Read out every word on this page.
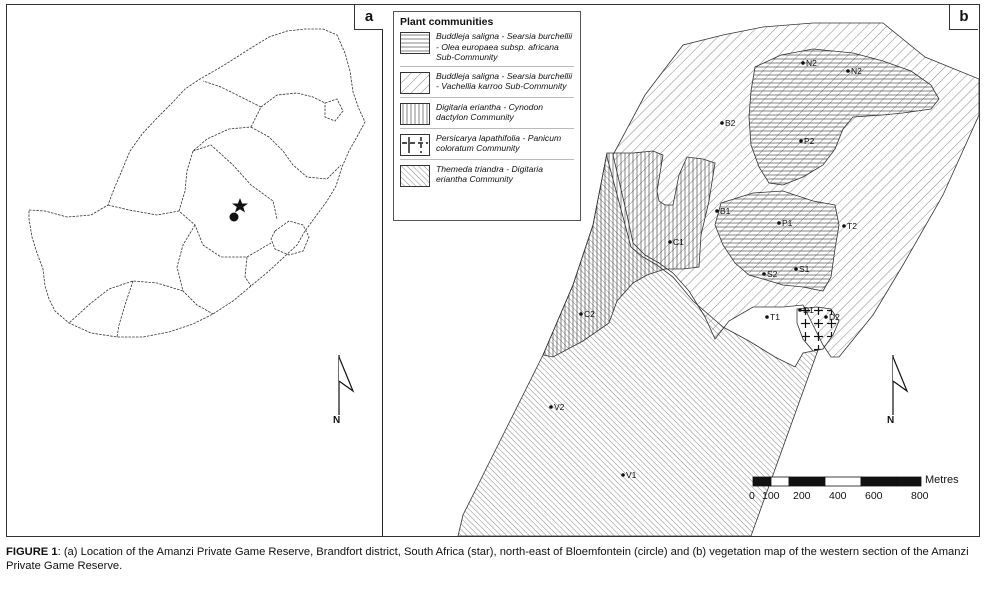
a
N
b
N2
N2
B2
P2
B1
P1	T2
C1
S1
S2
D1
D2
T1
C2
V2
V1
N
Metres
0 100 200 400 600	800
Plant communities
Buddleja saligna - Searsia burchellii - Olea europaea subsp. africana Sub-Community
Buddleja saligna - Searsia burchellii - Vachellia karroo Sub-Community
Digitaria eriantha - Cynodon dactylon Community
Persicarya lapathifolia - Panicum coloratum Community
Themeda triandra - Digitaria eriantha Community
FIGURE 1: (a) Location of the Amanzi Private Game Reserve, Brandfort district, South Africa (star), north-east of Bloemfontein (circle) and (b) vegetation map of the western section of the Amanzi Private Game Reserve.
